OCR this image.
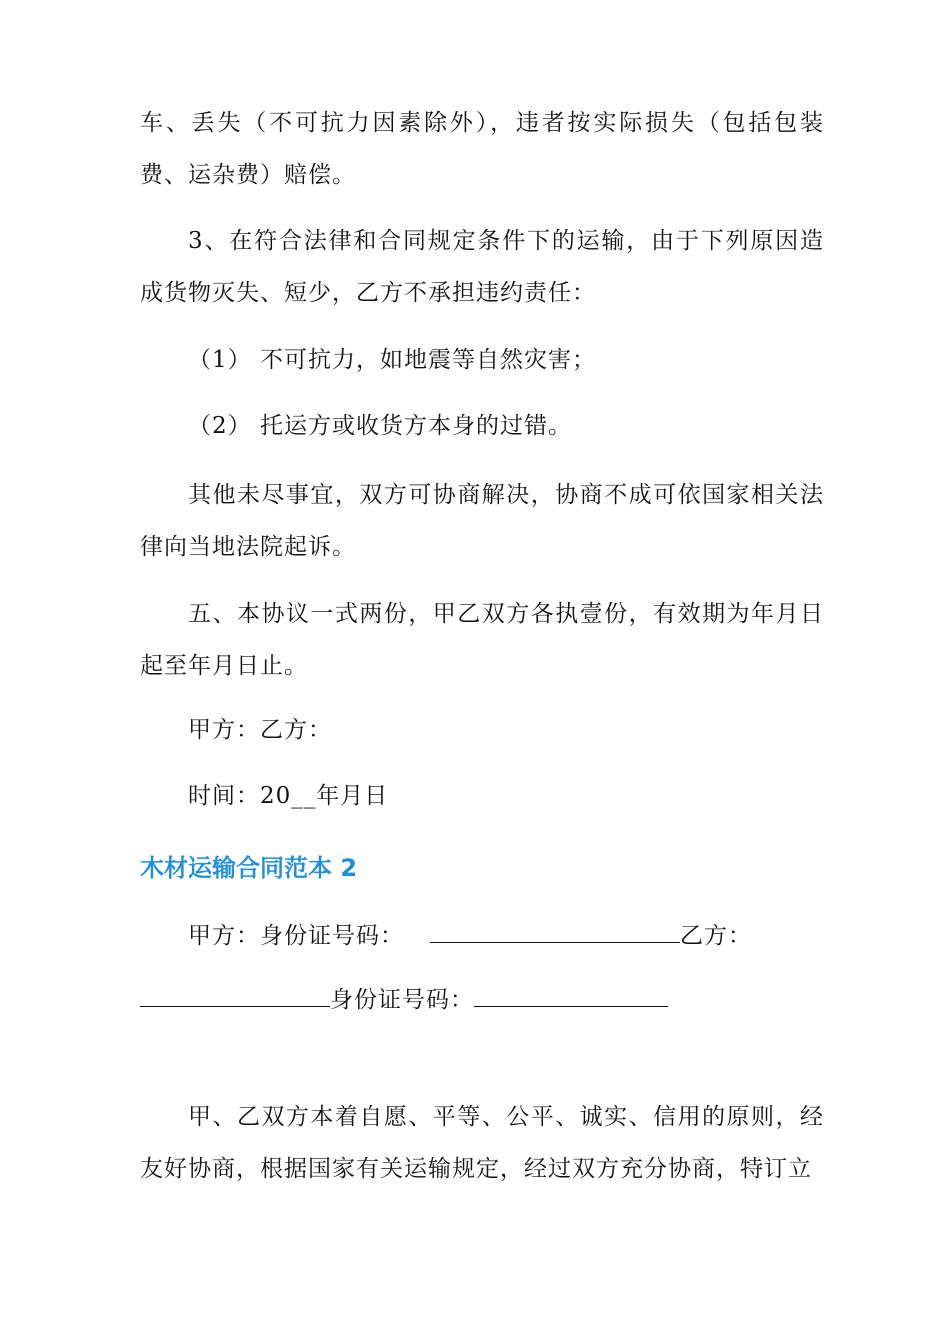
车、丢失（不可抗力因素除外），违者按实际损失（包括包装费、运杂费）赔偿。

3、在符合法律和合同规定条件下的运输，由于下列原因造 成货物灭失、短少，乙方不承担违约责任：

（1） 不可抗力，如地震等自然灾害；

（2） 托运方或收货方本身的过错。

其他未尽事宜，双方可协商解决，协商不成可依国家相关法律向当地法院起诉。

五、本协议一式两份，甲乙双方各执壹份，有效期为年月日起至年月日止。

甲方：乙方：

时间：20__年月日

木材运输合同范本 2
甲方：身份证号码：	乙方：
身份证号码：

甲、乙双方本着自愿、平等、公平、诚实、信用的原则，经友好协商，根据国家有关运输规定，经过双方充分协商，特订立
